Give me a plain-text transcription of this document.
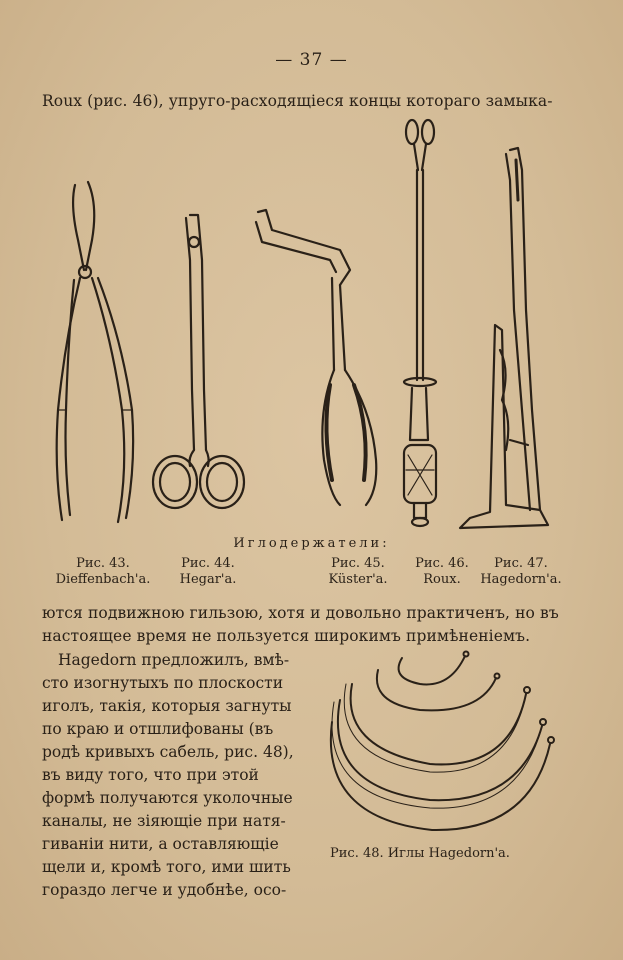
— 37 —
Roux (рис. 46), упруго-расходящіеся концы котораго замыка-
Иглодержатели:
Рис. 43.
Dieffenbach'a.
Рис. 44.
Hegar'a.
Рис. 45.
Küster'a.
Рис. 46.
Roux.
Рис. 47.
Hagedorn'a.
ются подвижною гильзою, хотя и довольно практиченъ, но въ
настоящее время не пользуется широкимъ примѣненіемъ.
Hagedorn предложилъ, вмѣ-
сто изогнутыхъ по плоскости
иголъ, такія, которыя загнуты
по краю и отшлифованы (въ
родѣ кривыхъ сабель, рис. 48),
въ виду того, что при этой
формѣ получаются уколочные
каналы, не зіяющіе при натя-
гиваніи нити, а оставляющіе
щели и, кромѣ того, ими шить
гораздо легче и удобнѣе, осо-
Рис. 48. Иглы Hagedorn'a.
